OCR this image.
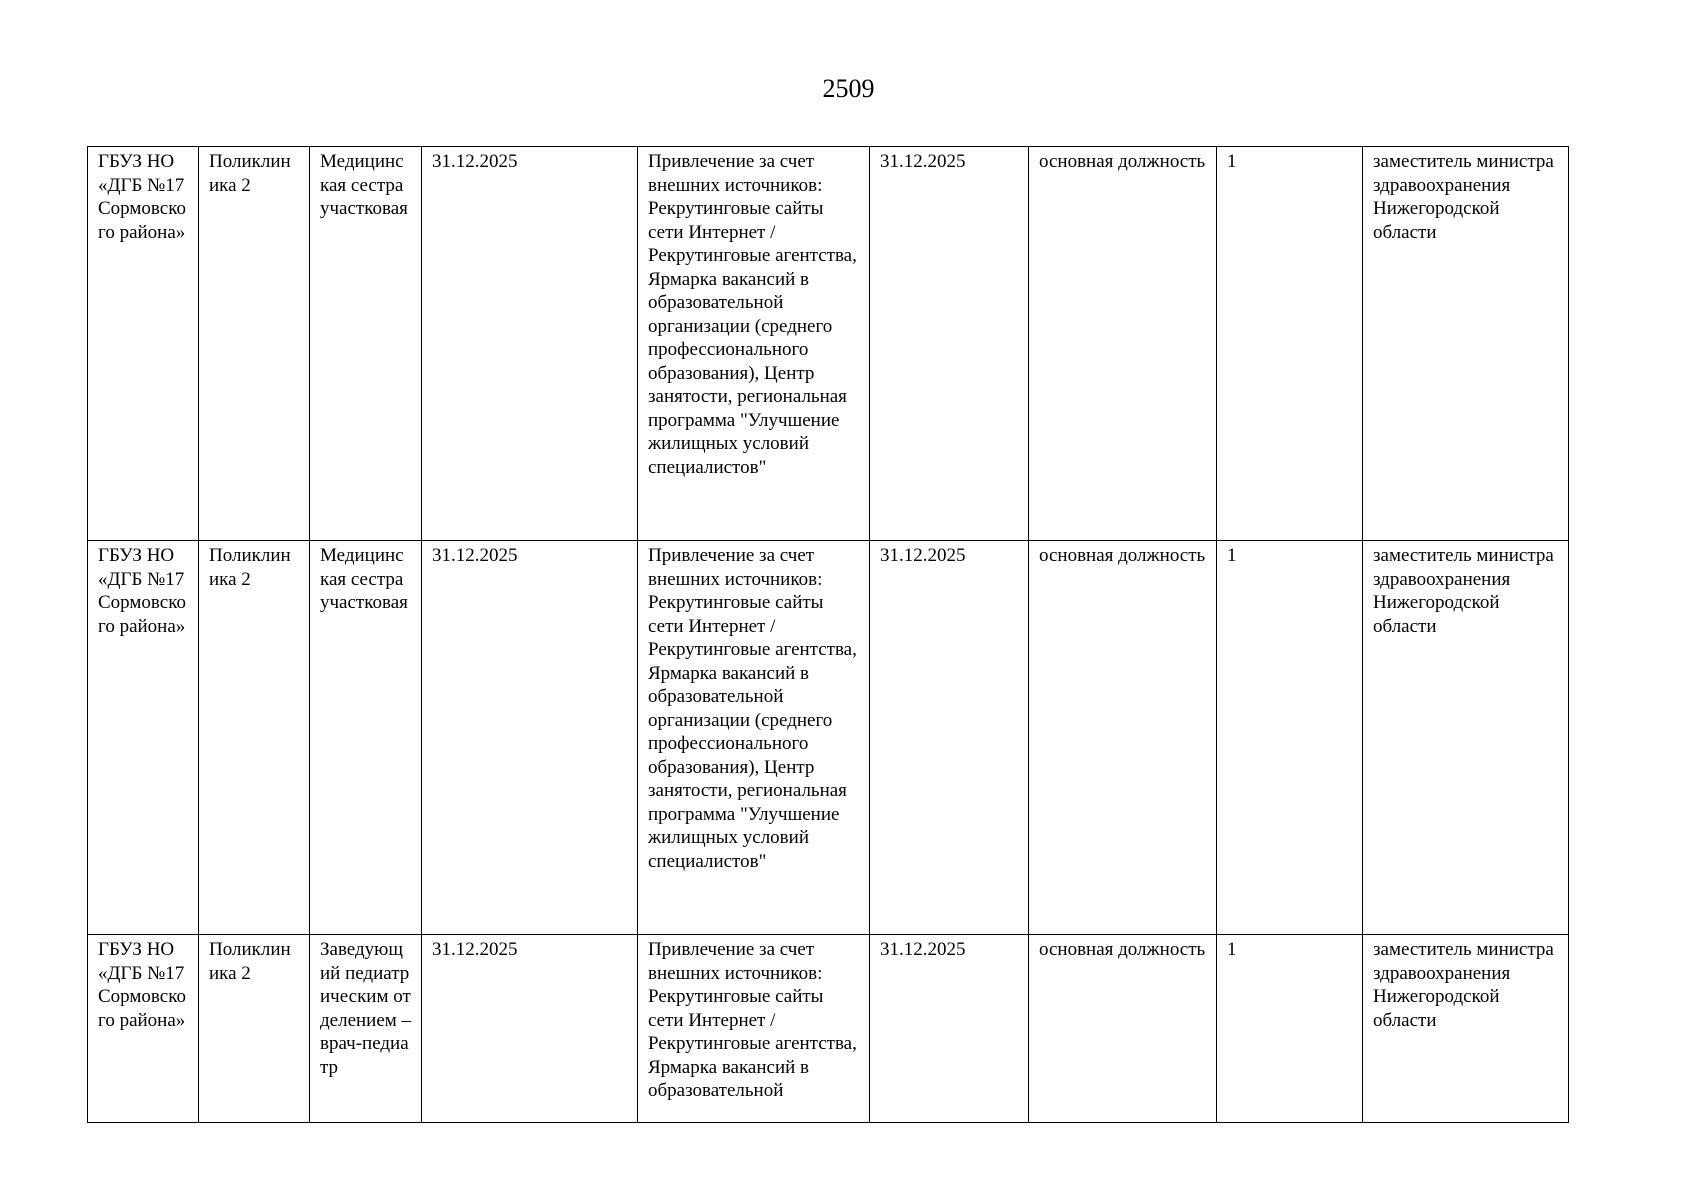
2509
ГБУЗ НО «ДГБ №17 Сормовского района»	Поликлиника 2	Медицинская сестра участковая	31.12.2025	Привлечение за счет внешних источников: Рекрутинговые сайты сети Интернет / Рекрутинговые агентства, Ярмарка вакансий в образовательной организации (среднего профессионального образования), Центр занятости, региональная программа "Улучшение жилищных условий специалистов"	31.12.2025	основная должность	1	заместитель министра здравоохранения Нижегородской области

ГБУЗ НО «ДГБ №17 Сормовского района»	Поликлиника 2	Медицинская сестра участковая	31.12.2025	Привлечение за счет внешних источников: Рекрутинговые сайты сети Интернет / Рекрутинговые агентства, Ярмарка вакансий в образовательной организации (среднего профессионального образования), Центр занятости, региональная программа "Улучшение жилищных условий специалистов"	31.12.2025	основная должность	1	заместитель министра здравоохранения Нижегородской области

ГБУЗ НО «ДГБ №17 Сормовского района»	Поликлиника 2	Заведующий педиатрическим отделением – врач-педиатр	31.12.2025	Привлечение за счет внешних источников: Рекрутинговые сайты сети Интернет / Рекрутинговые агентства, Ярмарка вакансий в образовательной	31.12.2025	основная должность	1	заместитель министра здравоохранения Нижегородской области
